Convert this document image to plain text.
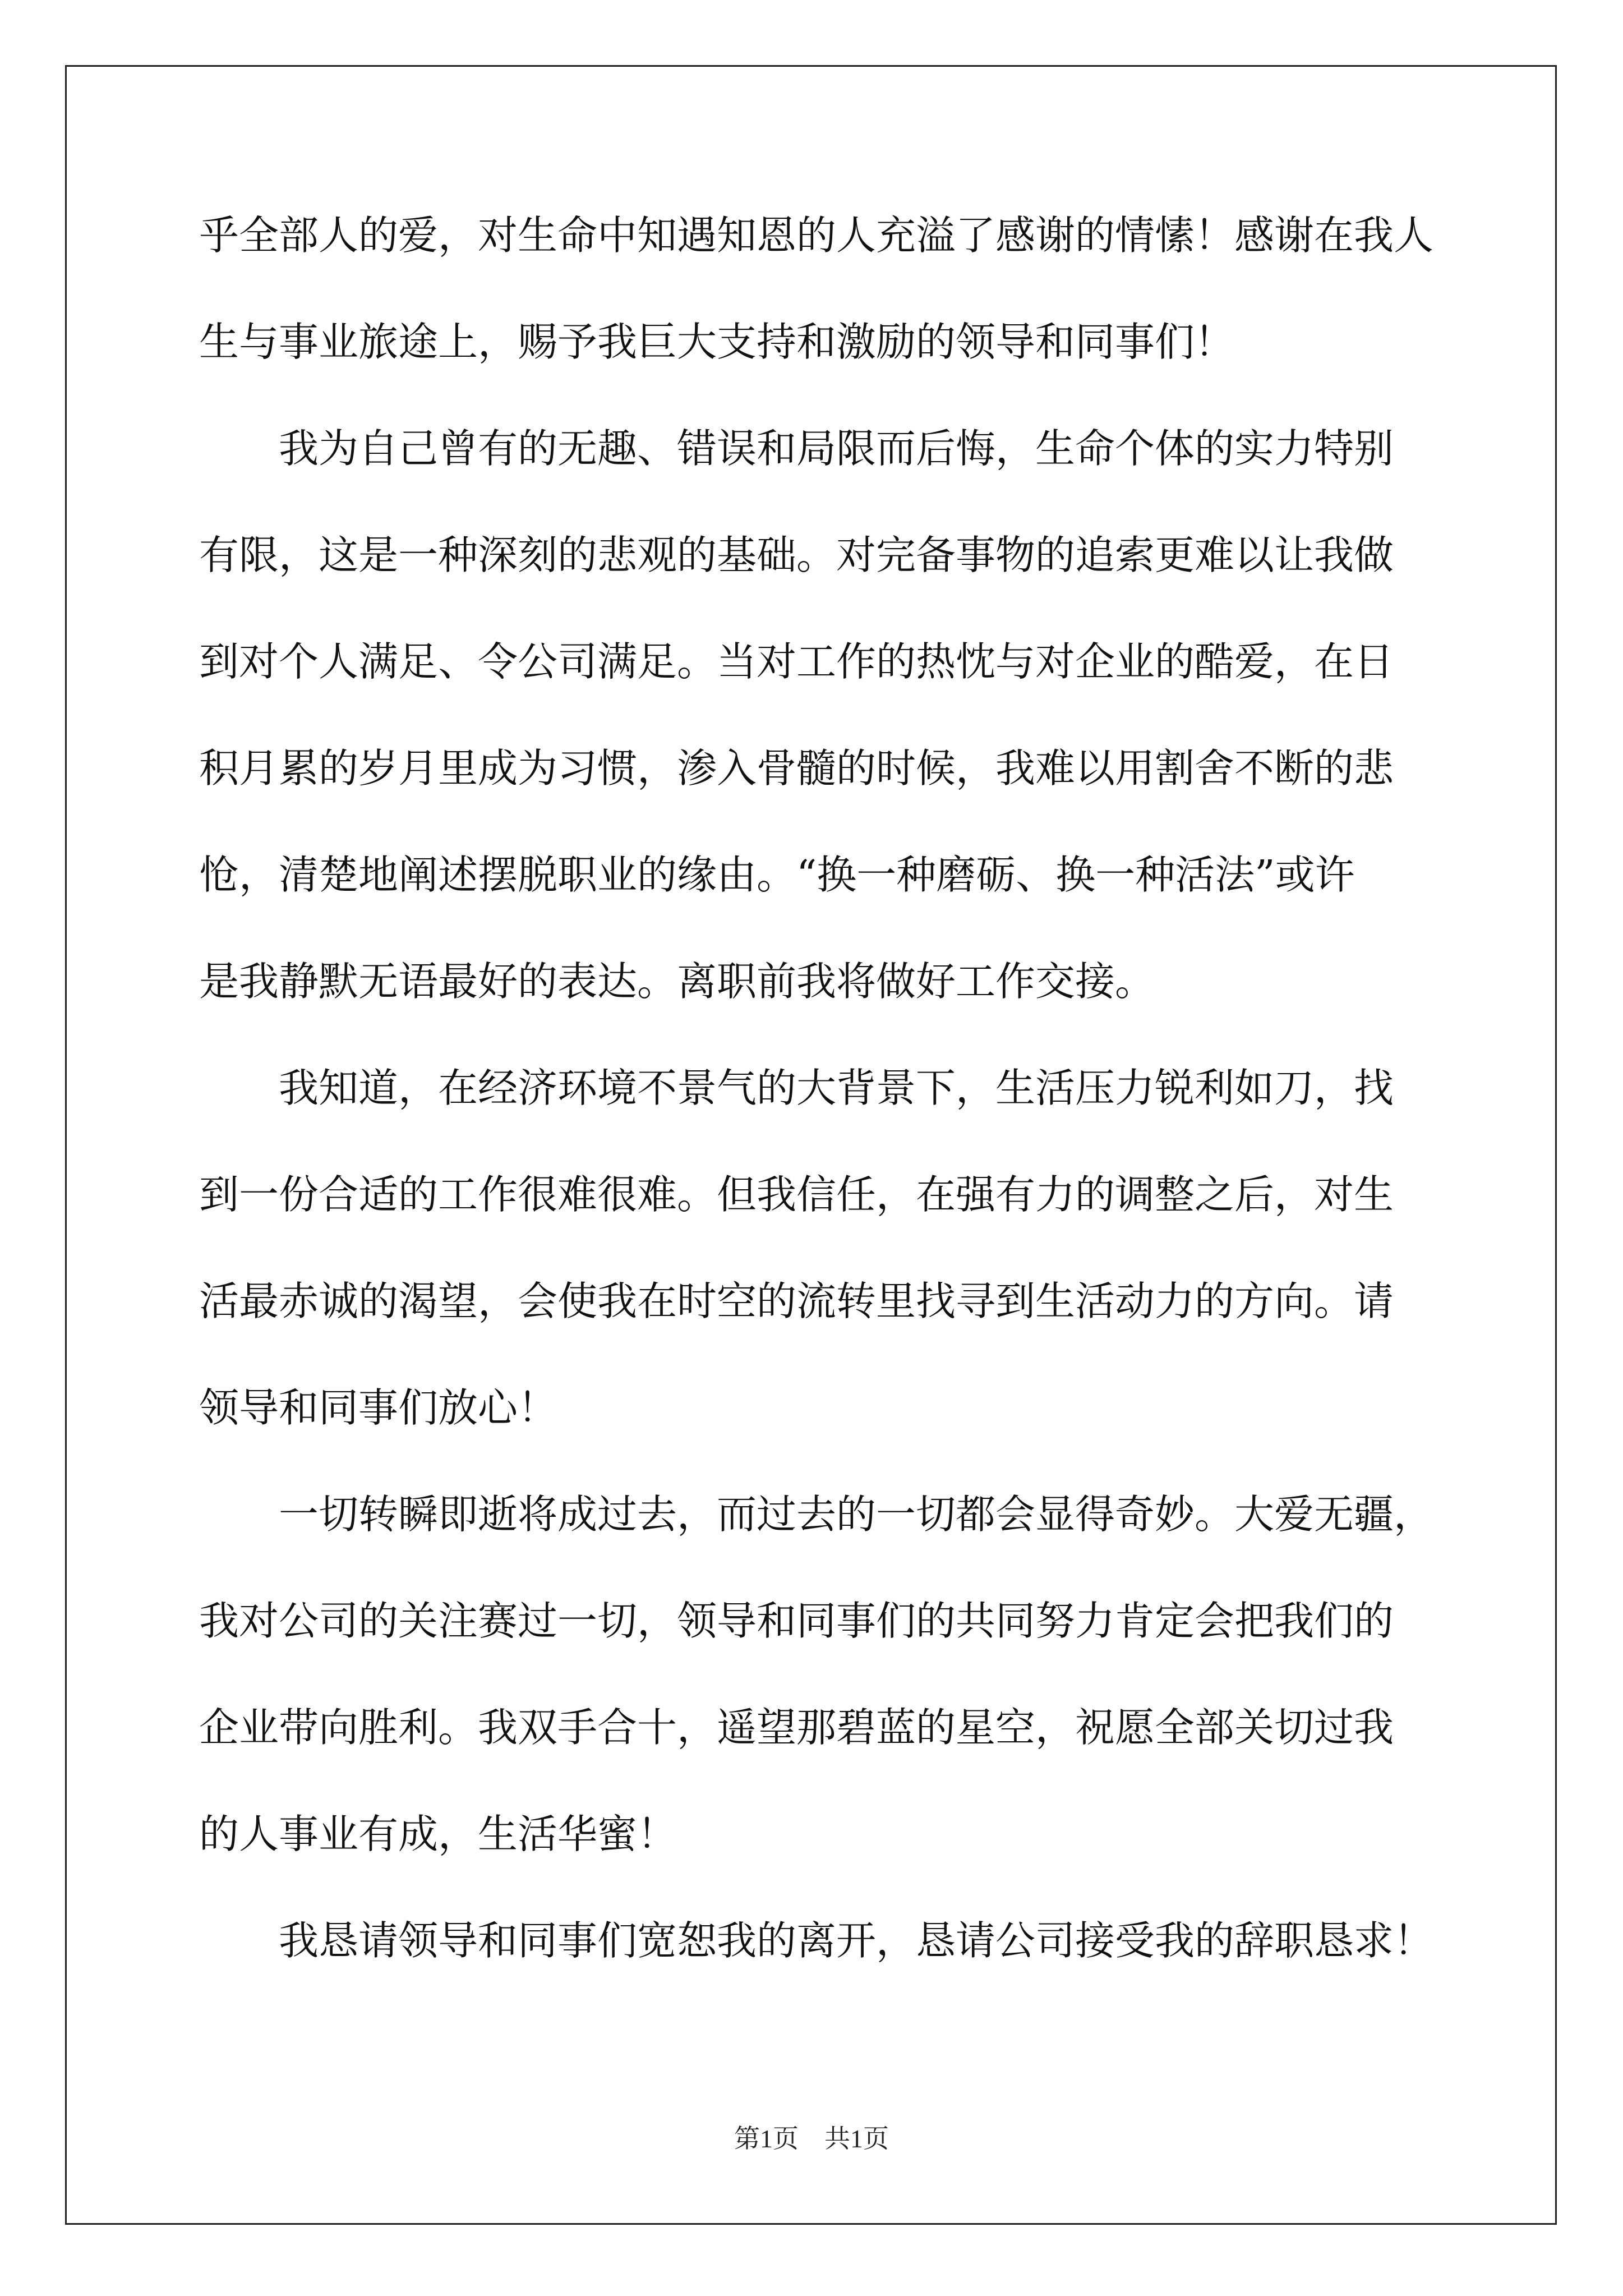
乎全部人的爱，对生命中知遇知恩的人充溢了感谢的情愫！感谢在我人
生与事业旅途上，赐予我巨大支持和激励的领导和同事们！
我为自己曾有的无趣、错误和局限而后悔，生命个体的实力特别
有限，这是一种深刻的悲观的基础。对完备事物的追索更难以让我做
到对个人满足、令公司满足。当对工作的热忱与对企业的酷爱，在日
积月累的岁月里成为习惯，渗入骨髓的时候，我难以用割舍不断的悲
怆，清楚地阐述摆脱职业的缘由。“换一种磨砺、换一种活法”或许
是我静默无语最好的表达。离职前我将做好工作交接。
我知道，在经济环境不景气的大背景下，生活压力锐利如刀，找
到一份合适的工作很难很难。但我信任，在强有力的调整之后，对生
活最赤诚的渴望，会使我在时空的流转里找寻到生活动力的方向。请
领导和同事们放心！
一切转瞬即逝将成过去，而过去的一切都会显得奇妙。大爱无疆，
我对公司的关注赛过一切，领导和同事们的共同努力肯定会把我们的
企业带向胜利。我双手合十，遥望那碧蓝的星空，祝愿全部关切过我
的人事业有成，生活华蜜！
我恳请领导和同事们宽恕我的离开，恳请公司接受我的辞职恳求！
第1页　共1页
